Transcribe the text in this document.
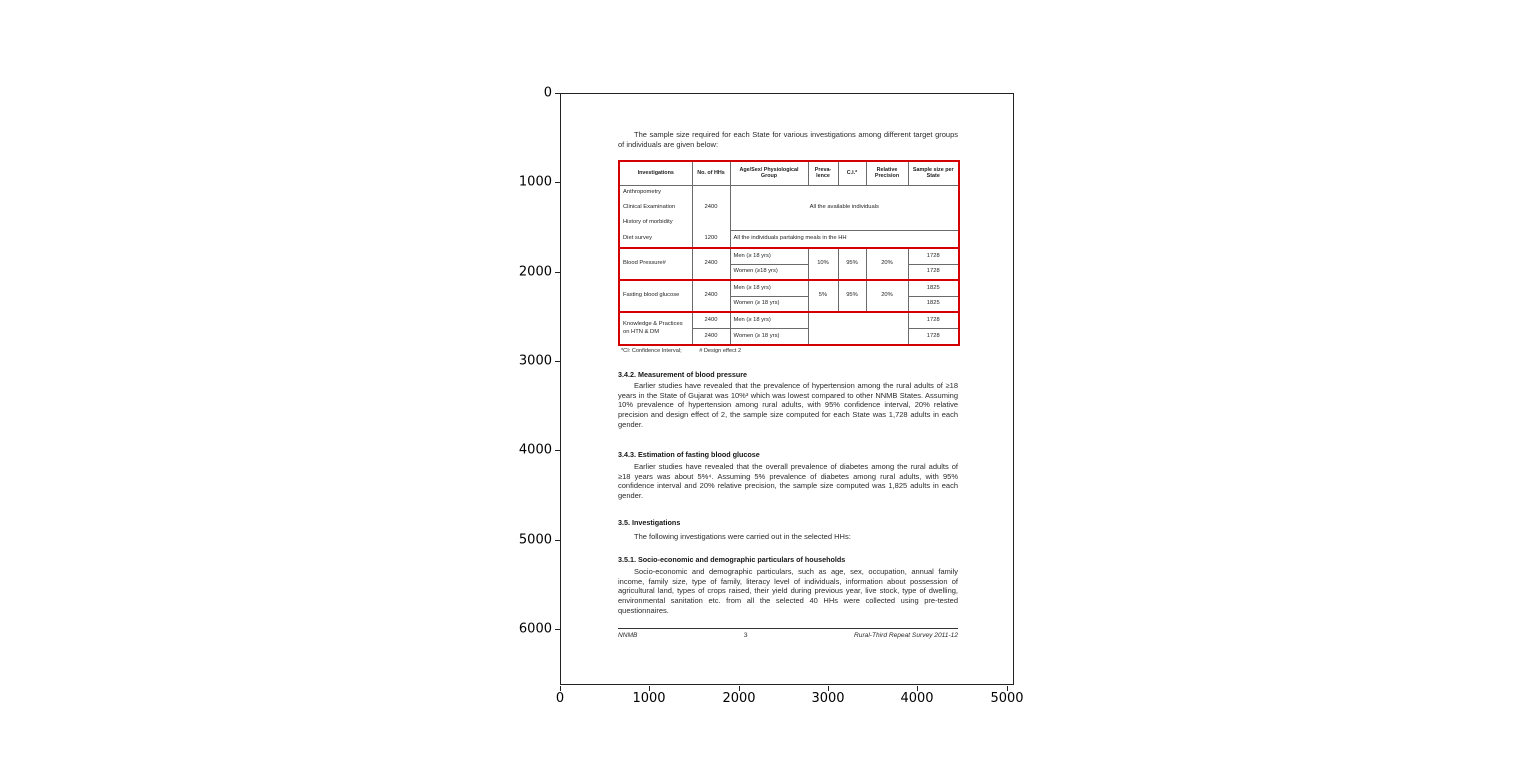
0
1000
2000
3000
4000
5000
6000
0	1000	2000	3000	4000	5000
The sample size required for each State for various investigations among different target groups of individuals are given below:
Investigations	No. of HHs	Age/Sex/ Physiological Group	Preva- lence	C.I.*	Relative Precision	Sample size per State
Anthropometry		All the available individuals				
Clinical Examination	2400					
History of morbidity						
Diet survey	1200	All the individuals partaking meals in the HH				
Blood Pressure#	2400	Men (≥ 18 yrs)	10%	95%	20%	1728
		Women (≥18 yrs)				1728
Fasting blood glucose	2400	Men (≥ 18 yrs)	5%	95%	20%	1825
		Women (≥ 18 yrs)				1825
Knowledge & Practices on HTN & DM	2400	Men (≥ 18 yrs)				1728
	2400	Women (≥ 18 yrs)				1728
*CI: Confidence Interval;	# Design effect 2
3.4.2. Measurement of blood pressure
Earlier studies have revealed that the prevalence of hypertension among the rural adults of ≥18 years in the State of Gujarat was 10%³ which was lowest compared to other NNMB States. Assuming 10% prevalence of hypertension among rural adults, with 95% confidence interval, 20% relative precision and design effect of 2, the sample size computed for each State was 1,728 adults in each gender.
3.4.3. Estimation of fasting blood glucose
Earlier studies have revealed that the overall prevalence of diabetes among the rural adults of ≥18 years was about 5%⁴. Assuming 5% prevalence of diabetes among rural adults, with 95% confidence interval and 20% relative precision, the sample size computed was 1,825 adults in each gender.
3.5. Investigations
The following investigations were carried out in the selected HHs:
3.5.1. Socio-economic and demographic particulars of households
Socio-economic and demographic particulars, such as age, sex, occupation, annual family income, family size, type of family, literacy level of individuals, information about possession of agricultural land, types of crops raised, their yield during previous year, live stock, type of dwelling, environmental sanitation etc. from all the selected 40 HHs were collected using pre-tested questionnaires.
NNMB	3	Rural-Third Repeat Survey 2011-12
